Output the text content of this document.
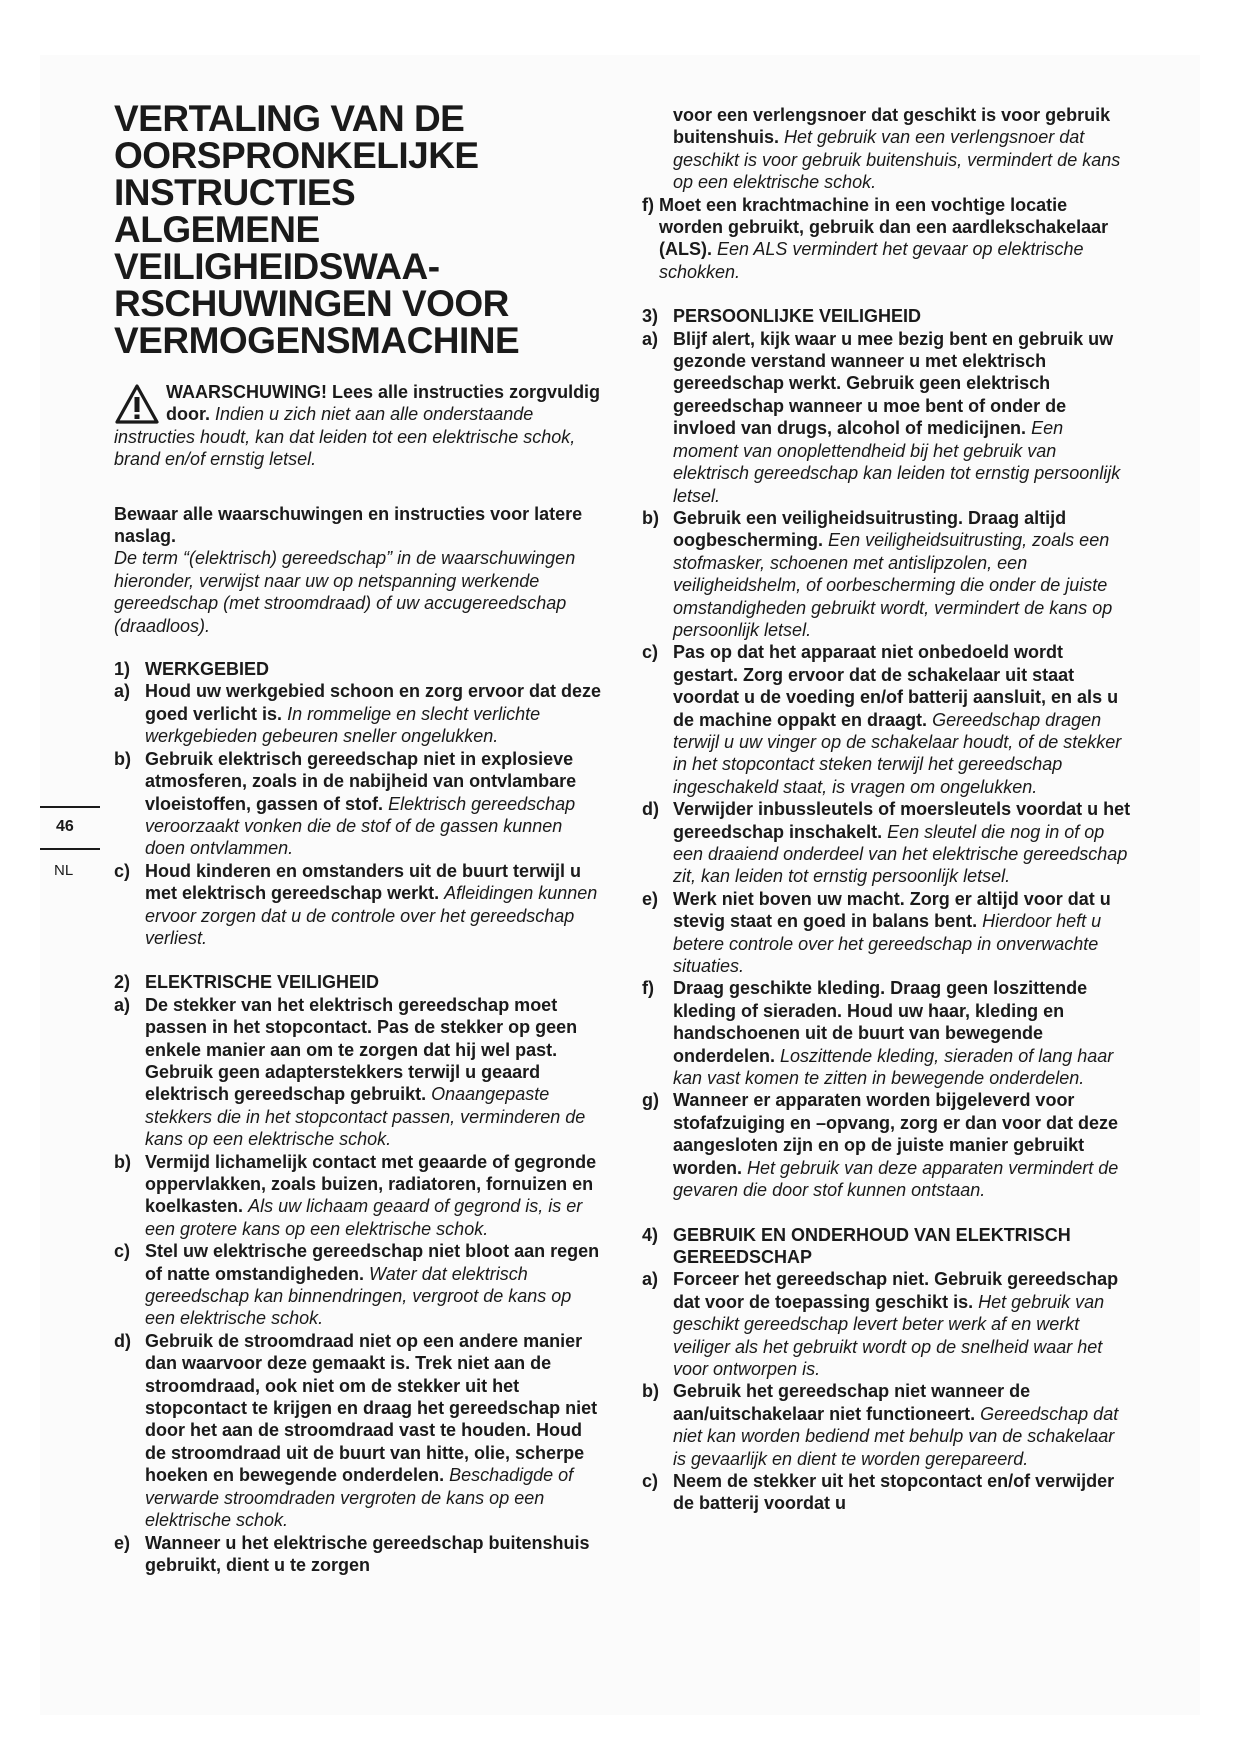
46
NL
VERTALING VAN DE
OORSPRONKELIJKE
INSTRUCTIES
ALGEMENE
VEILIGHEIDSWAA-
RSCHUWINGEN VOOR
VERMOGENSMACHINE
WAARSCHUWING! Lees alle instructies zorgvuldig door. Indien u zich niet aan alle onderstaande instructies houdt, kan dat leiden tot een elektrische schok, brand en/of ernstig letsel.
Bewaar alle waarschuwingen en instructies voor latere naslag.
De term “(elektrisch) gereedschap” in de waarschuwingen hieronder, verwijst naar uw op netspanning werkende gereedschap (met stroomdraad) of uw accugereedschap (draadloos).
1) WERKGEBIED
a) Houd uw werkgebied schoon en zorg ervoor dat deze goed verlicht is. In rommelige en slecht verlichte werkgebieden gebeuren sneller ongelukken.
b) Gebruik elektrisch gereedschap niet in explosieve atmosferen, zoals in de nabijheid van ontvlambare vloeistoffen, gassen of stof. Elektrisch gereedschap veroorzaakt vonken die de stof of de gassen kunnen doen ontvlammen.
c) Houd kinderen en omstanders uit de buurt terwijl u met elektrisch gereedschap werkt. Afleidingen kunnen ervoor zorgen dat u de controle over het gereedschap verliest.
2) ELEKTRISCHE VEILIGHEID
a) De stekker van het elektrisch gereedschap moet passen in het stopcontact. Pas de stekker op geen enkele manier aan om te zorgen dat hij wel past. Gebruik geen adapterstekkers terwijl u geaard elektrisch gereedschap gebruikt. Onaangepaste stekkers die in het stopcontact passen, verminderen de kans op een elektrische schok.
b) Vermijd lichamelijk contact met geaarde of gegronde oppervlakken, zoals buizen, radiatoren, fornuizen en koelkasten. Als uw lichaam geaard of gegrond is, is er een grotere kans op een elektrische schok.
c) Stel uw elektrische gereedschap niet bloot aan regen of natte omstandigheden. Water dat elektrisch gereedschap kan binnendringen, vergroot de kans op een elektrische schok.
d) Gebruik de stroomdraad niet op een andere manier dan waarvoor deze gemaakt is. Trek niet aan de stroomdraad, ook niet om de stekker uit het stopcontact te krijgen en draag het gereedschap niet door het aan de stroomdraad vast te houden. Houd de stroomdraad uit de buurt van hitte, olie, scherpe hoeken en bewegende onderdelen. Beschadigde of verwarde stroomdraden vergroten de kans op een elektrische schok.
e) Wanneer u het elektrische gereedschap buitenshuis gebruikt, dient u te zorgen
voor een verlengsnoer dat geschikt is voor gebruik buitenshuis. Het gebruik van een verlengsnoer dat geschikt is voor gebruik buitenshuis, vermindert de kans op een elektrische schok.
f) Moet een krachtmachine in een vochtige locatie worden gebruikt, gebruik dan een aardlekschakelaar (ALS). Een ALS vermindert het gevaar op elektrische schokken.
3) PERSOONLIJKE VEILIGHEID
a) Blijf alert, kijk waar u mee bezig bent en gebruik uw gezonde verstand wanneer u met elektrisch gereedschap werkt. Gebruik geen elektrisch gereedschap wanneer u moe bent of onder de invloed van drugs, alcohol of medicijnen. Een moment van onoplettendheid bij het gebruik van elektrisch gereedschap kan leiden tot ernstig persoonlijk letsel.
b) Gebruik een veiligheidsuitrusting. Draag altijd oogbescherming. Een veiligheidsuitrusting, zoals een stofmasker, schoenen met antislipzolen, een veiligheidshelm, of oorbescherming die onder de juiste omstandigheden gebruikt wordt, vermindert de kans op persoonlijk letsel.
c) Pas op dat het apparaat niet onbedoeld wordt gestart. Zorg ervoor dat de schakelaar uit staat voordat u de voeding en/of batterij aansluit, en als u de machine oppakt en draagt. Gereedschap dragen terwijl u uw vinger op de schakelaar houdt, of de stekker in het stopcontact steken terwijl het gereedschap ingeschakeld staat, is vragen om ongelukken.
d) Verwijder inbussleutels of moersleutels voordat u het gereedschap inschakelt. Een sleutel die nog in of op een draaiend onderdeel van het elektrische gereedschap zit, kan leiden tot ernstig persoonlijk letsel.
e) Werk niet boven uw macht. Zorg er altijd voor dat u stevig staat en goed in balans bent. Hierdoor heft u betere controle over het gereedschap in onverwachte situaties.
f)	Draag geschikte kleding. Draag geen loszittende kleding of sieraden. Houd uw haar, kleding en handschoenen uit de buurt van bewegende onderdelen. Loszittende kleding, sieraden of lang haar kan vast komen te zitten in bewegende onderdelen.
g) Wanneer er apparaten worden bijgeleverd voor stofafzuiging en –opvang, zorg er dan voor dat deze aangesloten zijn en op de juiste manier gebruikt worden. Het gebruik van deze apparaten vermindert de gevaren die door stof kunnen ontstaan.
4) GEBRUIK EN ONDERHOUD VAN ELEKTRISCH GEREEDSCHAP
a) Forceer het gereedschap niet. Gebruik gereedschap dat voor de toepassing geschikt is. Het gebruik van geschikt gereedschap levert beter werk af en werkt veiliger als het gebruikt wordt op de snelheid waar het voor ontworpen is.
b) Gebruik het gereedschap niet wanneer de aan/uitschakelaar niet functioneert. Gereedschap dat niet kan worden bediend met behulp van de schakelaar is gevaarlijk en dient te worden gerepareerd.
c) Neem de stekker uit het stopcontact en/of verwijder de batterij voordat u
